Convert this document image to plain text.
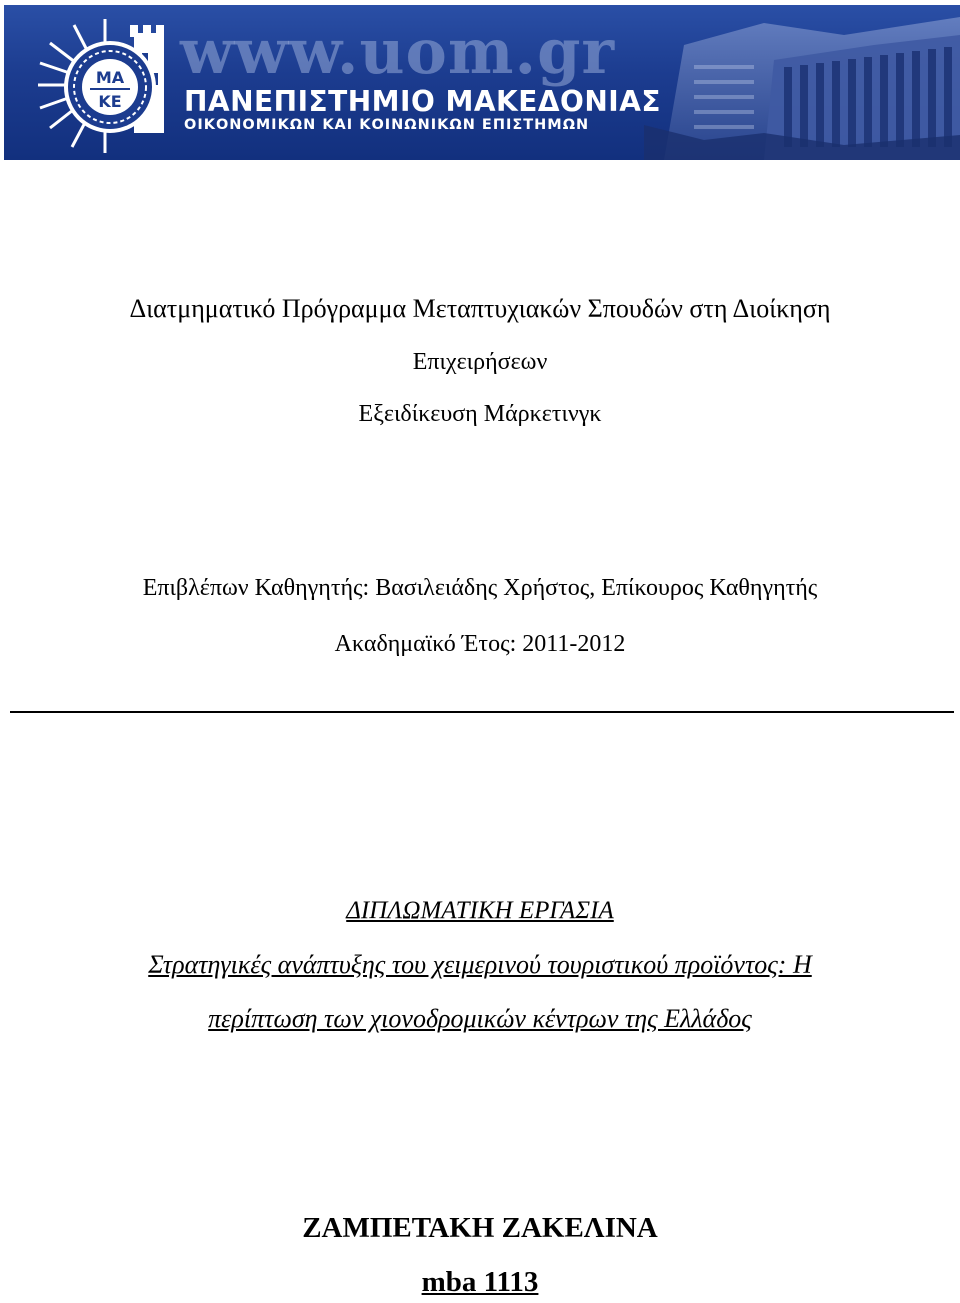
ΜΑ
ΚΕ
www.uom.gr
ΠΑΝΕΠΙΣΤΗΜΙΟ ΜΑΚΕΔΟΝΙΑΣ
ΟΙΚΟΝΟΜΙΚΩΝ ΚΑΙ ΚΟΙΝΩΝΙΚΩΝ ΕΠΙΣΤΗΜΩΝ
Διατμηματικό Πρόγραμμα Μεταπτυχιακών Σπουδών στη Διοίκηση
Επιχειρήσεων
Εξειδίκευση Μάρκετινγκ
Επιβλέπων Καθηγητής: Βασιλειάδης Χρήστος, Επίκουρος Καθηγητής
Ακαδημαϊκό Έτος: 2011-2012
ΔΙΠΛΩΜΑΤΙΚΗ ΕΡΓΑΣΙΑ
Στρατηγικές ανάπτυξης του χειμερινού τουριστικού προϊόντος: Η
περίπτωση των χιονοδρομικών κέντρων της Ελλάδος
ΖΑΜΠΕΤΑΚΗ ΖΑΚΕΛΙΝΑ
mba 1113
